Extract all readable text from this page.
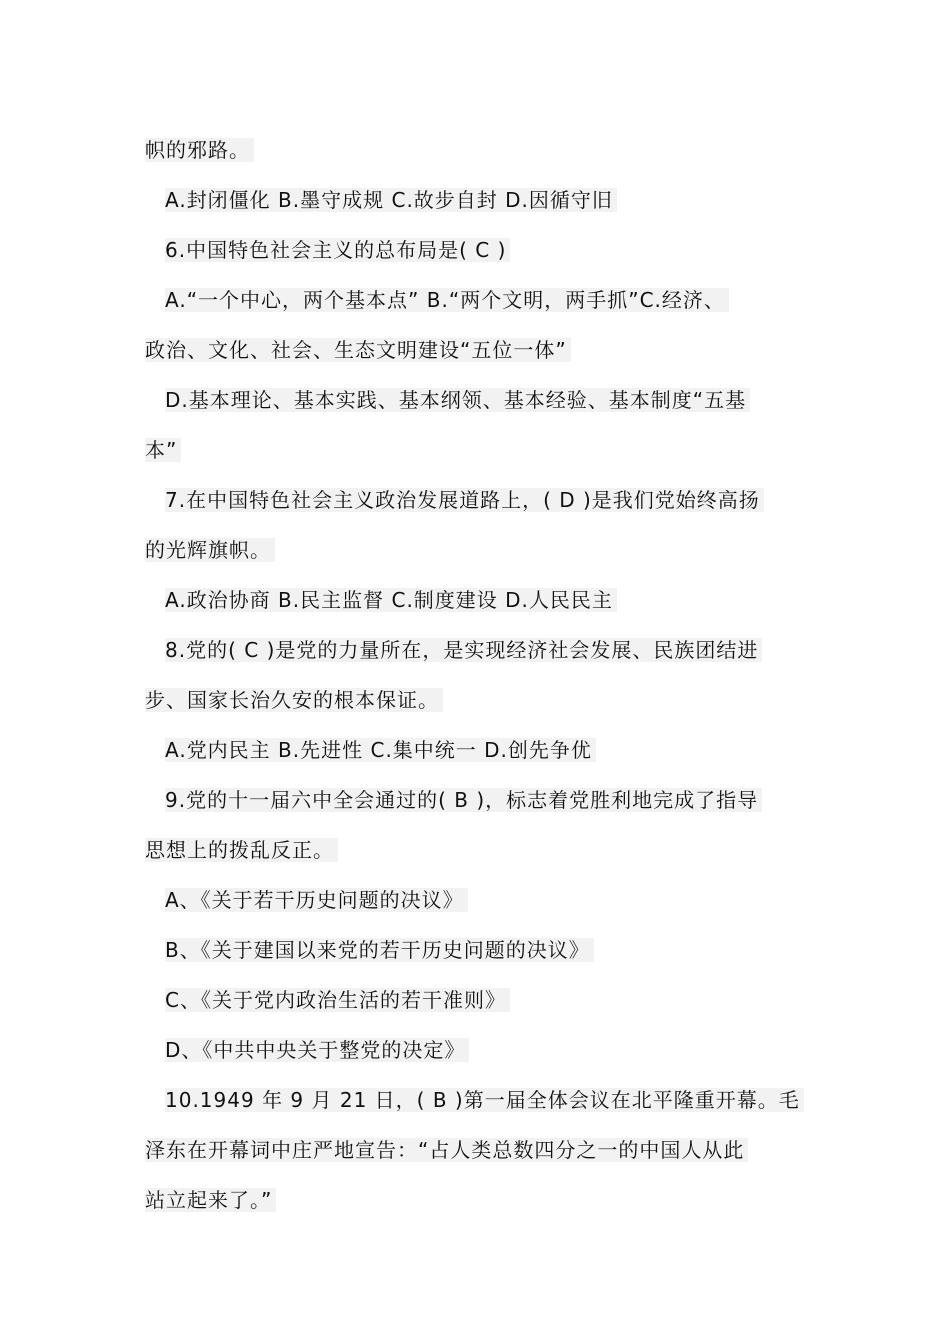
帜的邪路。
A.封闭僵化 B.墨守成规 C.故步自封 D.因循守旧
6.中国特色社会主义的总布局是( C )
A.“一个中心，两个基本点” B.“两个文明，两手抓”C.经济、
政治、文化、社会、生态文明建设“五位一体”
D.基本理论、基本实践、基本纲领、基本经验、基本制度“五基
本”
7.在中国特色社会主义政治发展道路上，( D )是我们党始终高扬
的光辉旗帜。
A.政治协商 B.民主监督 C.制度建设 D.人民民主
8.党的( C )是党的力量所在，是实现经济社会发展、民族团结进
步、国家长治久安的根本保证。
A.党内民主 B.先进性 C.集中统一 D.创先争优
9.党的十一届六中全会通过的( B )，标志着党胜利地完成了指导
思想上的拨乱反正。
A、《关于若干历史问题的决议》
B、《关于建国以来党的若干历史问题的决议》
C、《关于党内政治生活的若干准则》
D、《中共中央关于整党的决定》
10.1949 年 9 月 21 日，( B )第一届全体会议在北平隆重开幕。毛
泽东在开幕词中庄严地宣告：“占人类总数四分之一的中国人从此
站立起来了。”
